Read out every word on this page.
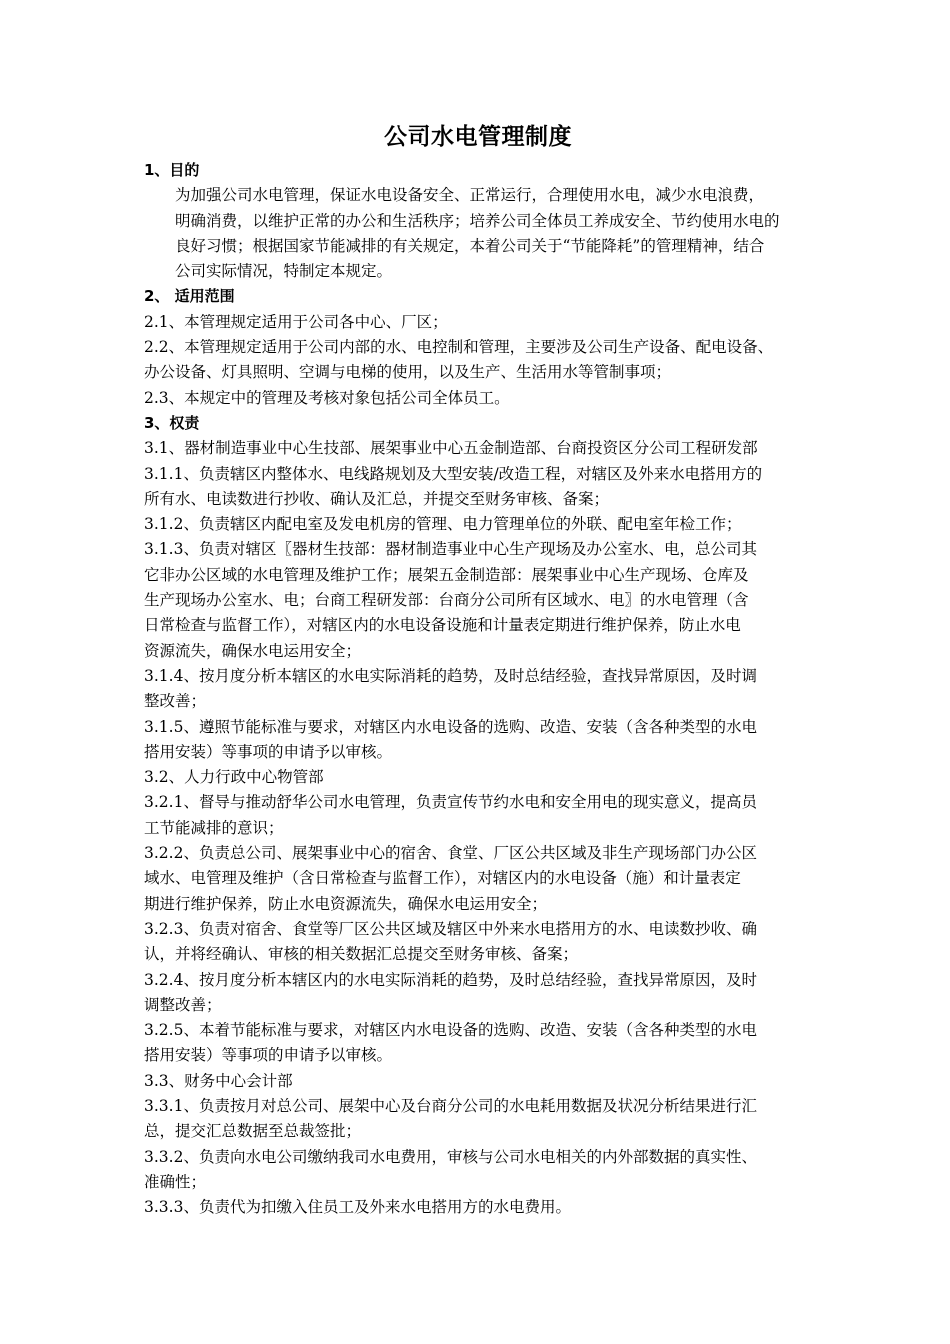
公司水电管理制度
1、目的
为加强公司水电管理，保证水电设备安全、正常运行，合理使用水电，减少水电浪费，
明确消费，以维护正常的办公和生活秩序；培养公司全体员工养成安全、节约使用水电的
良好习惯；根据国家节能减排的有关规定，本着公司关于“节能降耗”的管理精神，结合
公司实际情况，特制定本规定。
2、 适用范围
2.1、本管理规定适用于公司各中心、厂区；
2.2、本管理规定适用于公司内部的水、电控制和管理，主要涉及公司生产设备、配电设备、
办公设备、灯具照明、空调与电梯的使用，以及生产、生活用水等管制事项；
2.3、本规定中的管理及考核对象包括公司全体员工。
3、权责
3.1、器材制造事业中心生技部、展架事业中心五金制造部、台商投资区分公司工程研发部
3.1.1、负责辖区内整体水、电线路规划及大型安装/改造工程，对辖区及外来水电搭用方的
所有水、电读数进行抄收、确认及汇总，并提交至财务审核、备案；
3.1.2、负责辖区内配电室及发电机房的管理、电力管理单位的外联、配电室年检工作；
3.1.3、负责对辖区〖器材生技部：器材制造事业中心生产现场及办公室水、电，总公司其
它非办公区域的水电管理及维护工作；展架五金制造部：展架事业中心生产现场、仓库及
生产现场办公室水、电；台商工程研发部：台商分公司所有区域水、电〗的水电管理（含
日常检查与监督工作），对辖区内的水电设备设施和计量表定期进行维护保养，防止水电
资源流失，确保水电运用安全；
3.1.4、按月度分析本辖区的水电实际消耗的趋势，及时总结经验，查找异常原因，及时调
整改善；
3.1.5、遵照节能标准与要求，对辖区内水电设备的选购、改造、安装（含各种类型的水电
搭用安装）等事项的申请予以审核。
3.2、人力行政中心物管部
3.2.1、督导与推动舒华公司水电管理，负责宣传节约水电和安全用电的现实意义，提高员
工节能减排的意识；
3.2.2、负责总公司、展架事业中心的宿舍、食堂、厂区公共区域及非生产现场部门办公区
域水、电管理及维护（含日常检查与监督工作），对辖区内的水电设备（施）和计量表定
期进行维护保养，防止水电资源流失，确保水电运用安全；
3.2.3、负责对宿舍、食堂等厂区公共区域及辖区中外来水电搭用方的水、电读数抄收、确
认，并将经确认、审核的相关数据汇总提交至财务审核、备案；
3.2.4、按月度分析本辖区内的水电实际消耗的趋势，及时总结经验，查找异常原因，及时
调整改善；
3.2.5、本着节能标准与要求，对辖区内水电设备的选购、改造、安装（含各种类型的水电
搭用安装）等事项的申请予以审核。
3.3、财务中心会计部
3.3.1、负责按月对总公司、展架中心及台商分公司的水电耗用数据及状况分析结果进行汇
总，提交汇总数据至总裁签批；
3.3.2、负责向水电公司缴纳我司水电费用，审核与公司水电相关的内外部数据的真实性、
准确性；
3.3.3、负责代为扣缴入住员工及外来水电搭用方的水电费用。
